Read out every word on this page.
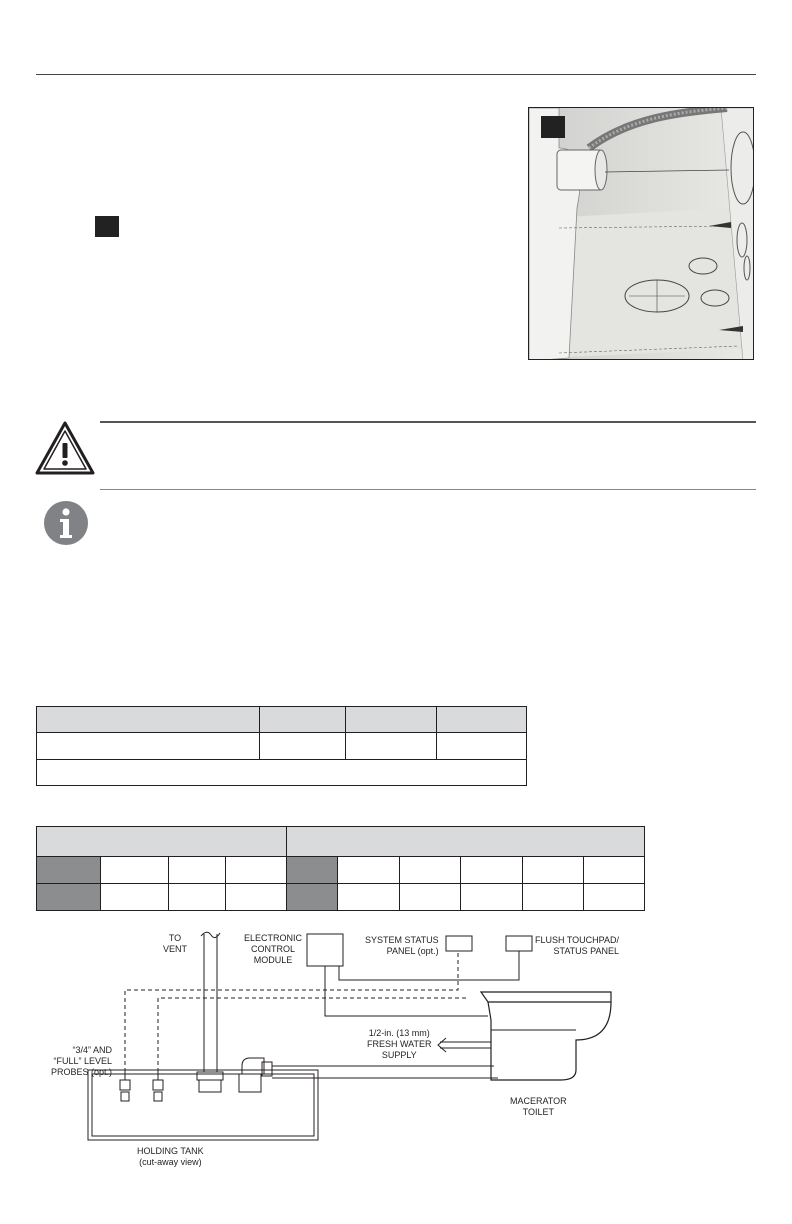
TO
VENT
ELECTRONIC
CONTROL
MODULE
SYSTEM STATUS
PANEL (opt.)
FLUSH TOUCHPAD/
STATUS PANEL
“3/4” AND
“FULL” LEVEL
PROBES (opt.)
1/2-in. (13 mm)
FRESH WATER
SUPPLY
MACERATOR
TOILET
HOLDING TANK
(cut-away view)
